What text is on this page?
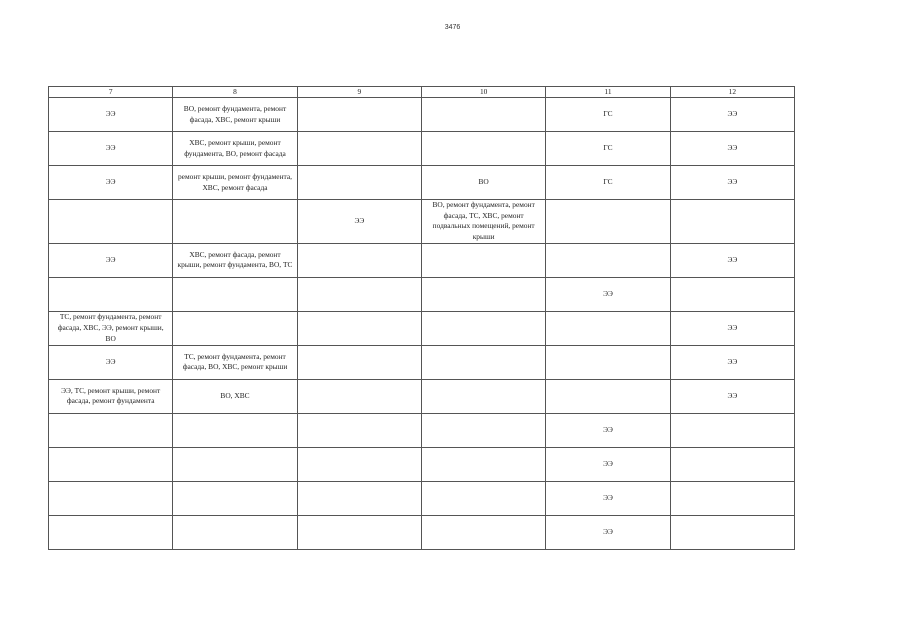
3476
7	8	9	10	11	12
ЭЭ	ВО, ремонт фундамента, ремонт фасада, ХВС, ремонт крыши			ГС	ЭЭ
ЭЭ	ХВС, ремонт крыши, ремонт фундамента, ВО, ремонт фасада			ГС	ЭЭ
ЭЭ	ремонт крыши, ремонт фундамента, ХВС, ремонт фасада		ВО	ГС	ЭЭ
		ЭЭ	ВО, ремонт фундамента, ремонт фасада, ТС, ХВС, ремонт подвальных помещений, ремонт крыши		
ЭЭ	ХВС, ремонт фасада, ремонт крыши, ремонт фундамента, ВО, ТС				ЭЭ
				ЭЭ	
ТС, ремонт фундамента, ремонт фасада, ХВС, ЭЭ, ремонт крыши, ВО					ЭЭ
ЭЭ	ТС, ремонт фундамента, ремонт фасада, ВО, ХВС, ремонт крыши				ЭЭ
ЭЭ, ТС, ремонт крыши, ремонт фасада, ремонт фундамента	ВО, ХВС				ЭЭ
				ЭЭ	
				ЭЭ	
				ЭЭ	
				ЭЭ	
